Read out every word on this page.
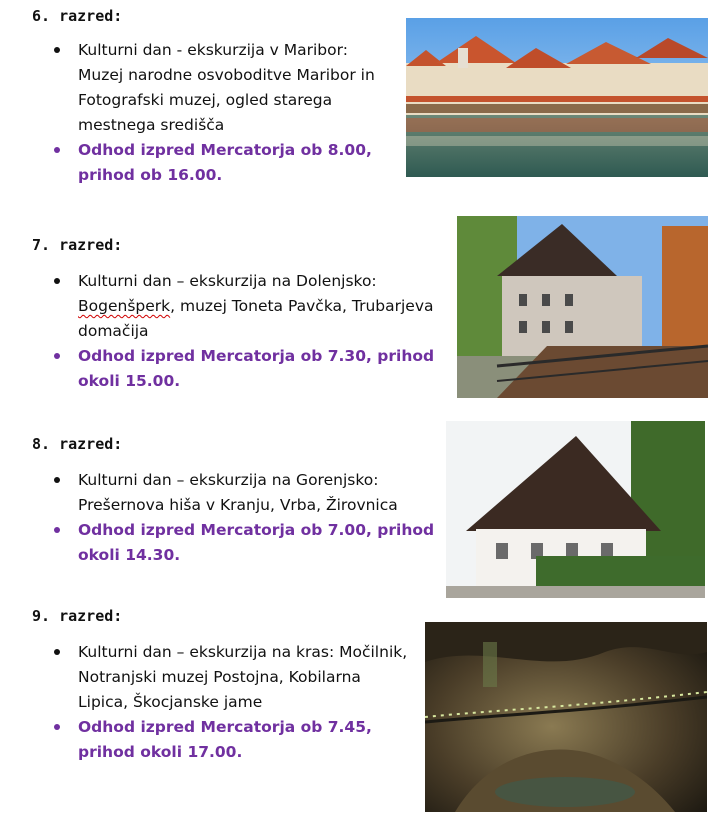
6. razred:
Kulturni dan - ekskurzija v Maribor:
Muzej narodne osvoboditve Maribor in
Fotografski muzej, ogled starega
mestnega središča
Odhod izpred Mercatorja ob 8.00,
prihod ob 16.00.
7. razred:
Kulturni dan – ekskurzija na Dolenjsko:
Bogenšperk, muzej Toneta Pavčka, Trubarjeva
domačija
Odhod izpred Mercatorja ob 7.30, prihod
okoli 15.00.
8. razred:
Kulturni dan – ekskurzija na Gorenjsko:
Prešernova hiša v Kranju, Vrba, Žirovnica
Odhod izpred Mercatorja ob 7.00, prihod
okoli 14.30.
9. razred:
Kulturni dan – ekskurzija na kras: Močilnik,
Notranjski muzej Postojna, Kobilarna
Lipica, Škocjanske jame
Odhod izpred Mercatorja ob 7.45,
prihod okoli 17.00.
